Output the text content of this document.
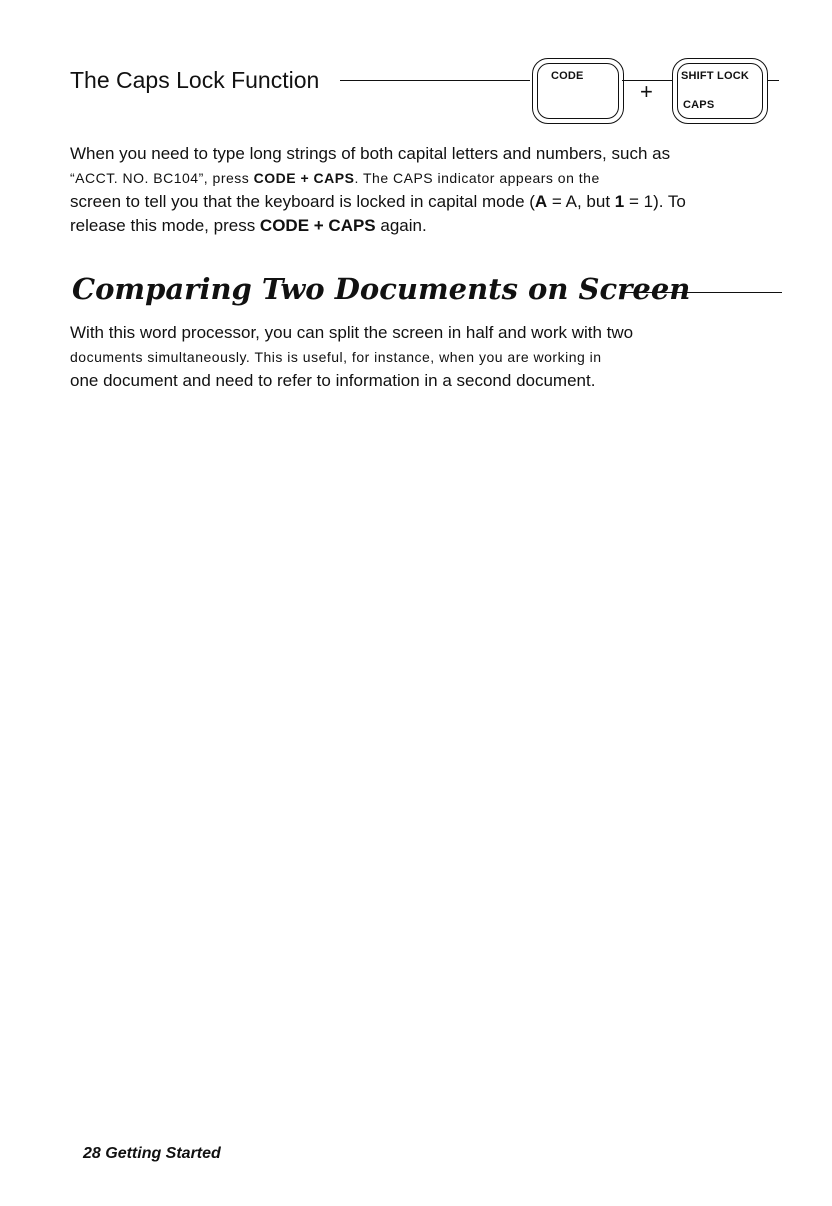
The Caps Lock Function	CODE
+
SHIFT LOCK
CAPS
When you need to type long strings of both capital letters and numbers, such as
“ACCT. NO. BC104”, press CODE + CAPS. The CAPS indicator appears on the
screen to tell you that the keyboard is locked in capital mode (A = A, but 1 = 1). To
release this mode, press CODE + CAPS again.
Comparing Two Documents on Screen
With this word processor, you can split the screen in half and work with two
documents simultaneously. This is useful, for instance, when you are working in
one document and need to refer to information in a second document.
28 Getting Started
